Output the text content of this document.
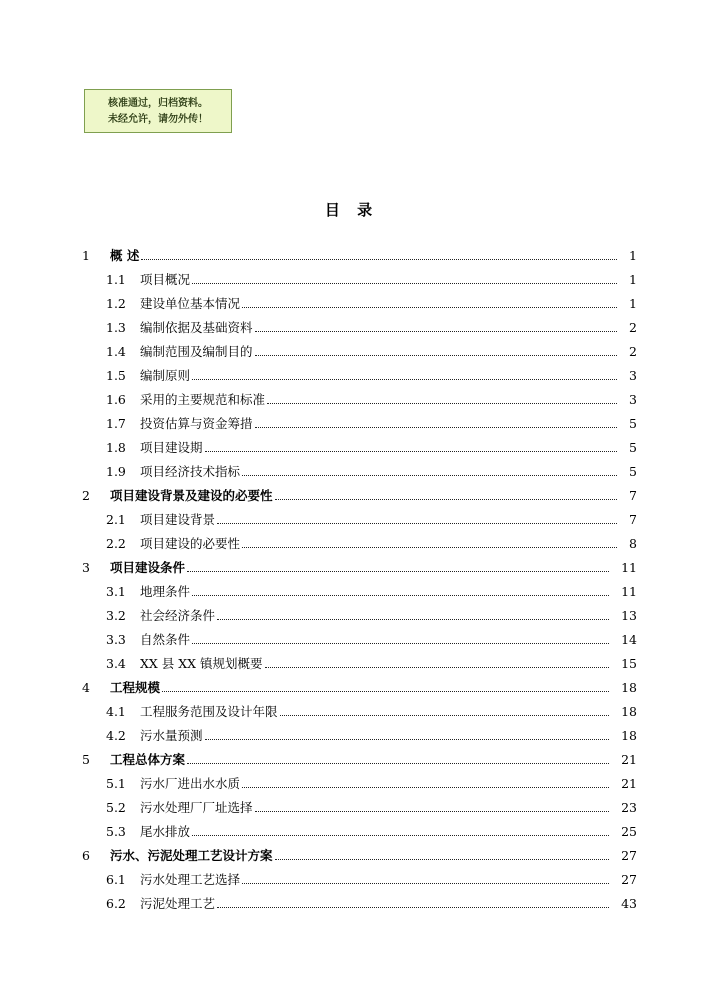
核准通过，归档资料。
未经允许，请勿外传！
目 录
1 概 述	1
1.1 项目概况	1
1.2 建设单位基本情况	1
1.3 编制依据及基础资料	2
1.4 编制范围及编制目的	2
1.5 编制原则	3
1.6 采用的主要规范和标准	3
1.7 投资估算与资金筹措	5
1.8 项目建设期	5
1.9 项目经济技术指标	5
2 项目建设背景及建设的必要性	7
2.1 项目建设背景	7
2.2 项目建设的必要性	8
3 项目建设条件	11
3.1 地理条件	11
3.2 社会经济条件	13
3.3 自然条件	14
3.4 XX 县 XX 镇规划概要	15
4 工程规模	18
4.1 工程服务范围及设计年限	18
4.2 污水量预测	18
5 工程总体方案	21
5.1 污水厂进出水水质	21
5.2 污水处理厂厂址选择	23
5.3 尾水排放	25
6 污水、污泥处理工艺设计方案	27
6.1 污水处理工艺选择	27
6.2 污泥处理工艺	43
